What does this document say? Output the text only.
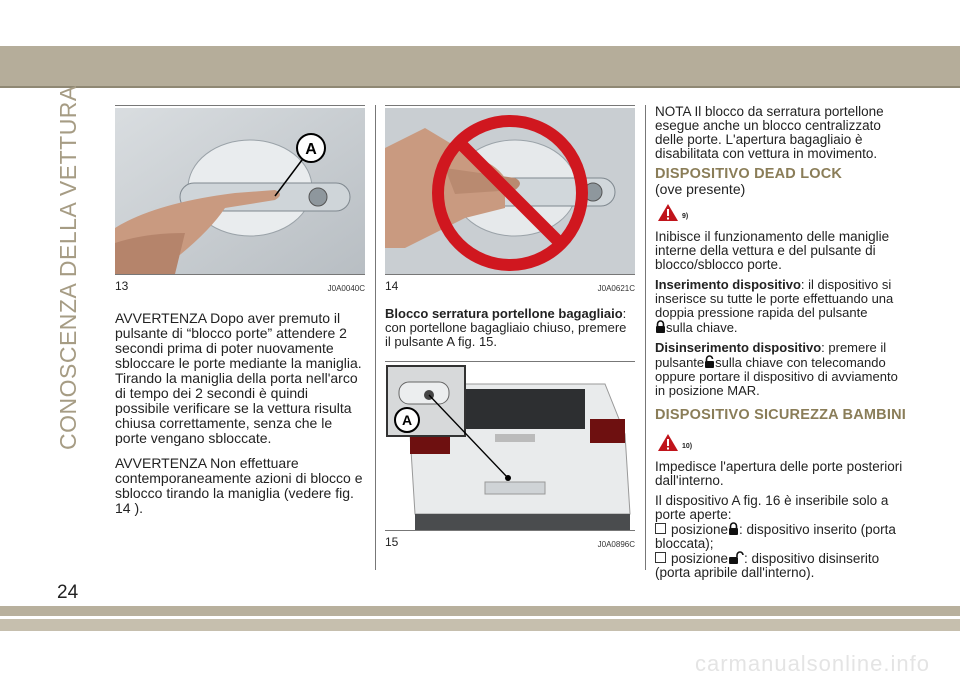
CONOSCENZA DELLA VETTURA
24
carmanualsonline.info
A
13	J0A0040C

AVVERTENZA Dopo aver premuto il pulsante di “blocco porte” attendere 2 secondi prima di poter nuovamente sbloccare le porte mediante la maniglia. Tirando la maniglia della porta nell'arco di tempo dei 2 secondi è quindi possibile verificare se la vettura risulta chiusa correttamente, senza che le porte vengano sbloccate.

AVVERTENZA Non effettuare contemporaneamente azioni di blocco e sblocco tirando la maniglia (vedere fig. 14 ).

14	J0A0621C

Blocco serratura portellone bagagliaio: con portellone bagagliaio chiuso, premere il pulsante A fig. 15.

A
15	J0A0896C

NOTA Il blocco da serratura portellone esegue anche un blocco centralizzato delle porte. L'apertura bagagliaio è disabilitata con vettura in movimento.

DISPOSITIVO DEAD LOCK
(ove presente)
9)

Inibisce il funzionamento delle maniglie interne della vettura e del pulsante di blocco/sblocco porte.

Inserimento dispositivo: il dispositivo si inserisce su tutte le porte effettuando una doppia pressione rapida del pulsante
sulla chiave.

Disinserimento dispositivo: premere il pulsante sulla chiave con telecomando oppure portare il dispositivo di avviamento in posizione MAR.

DISPOSITIVO SICUREZZA BAMBINI
10)

Impedisce l'apertura delle porte posteriori dall'interno.

Il dispositivo A fig. 16 è inseribile solo a porte aperte:

posizione : dispositivo inserito (porta bloccata);

posizione : dispositivo disinserito (porta apribile dall'interno).
